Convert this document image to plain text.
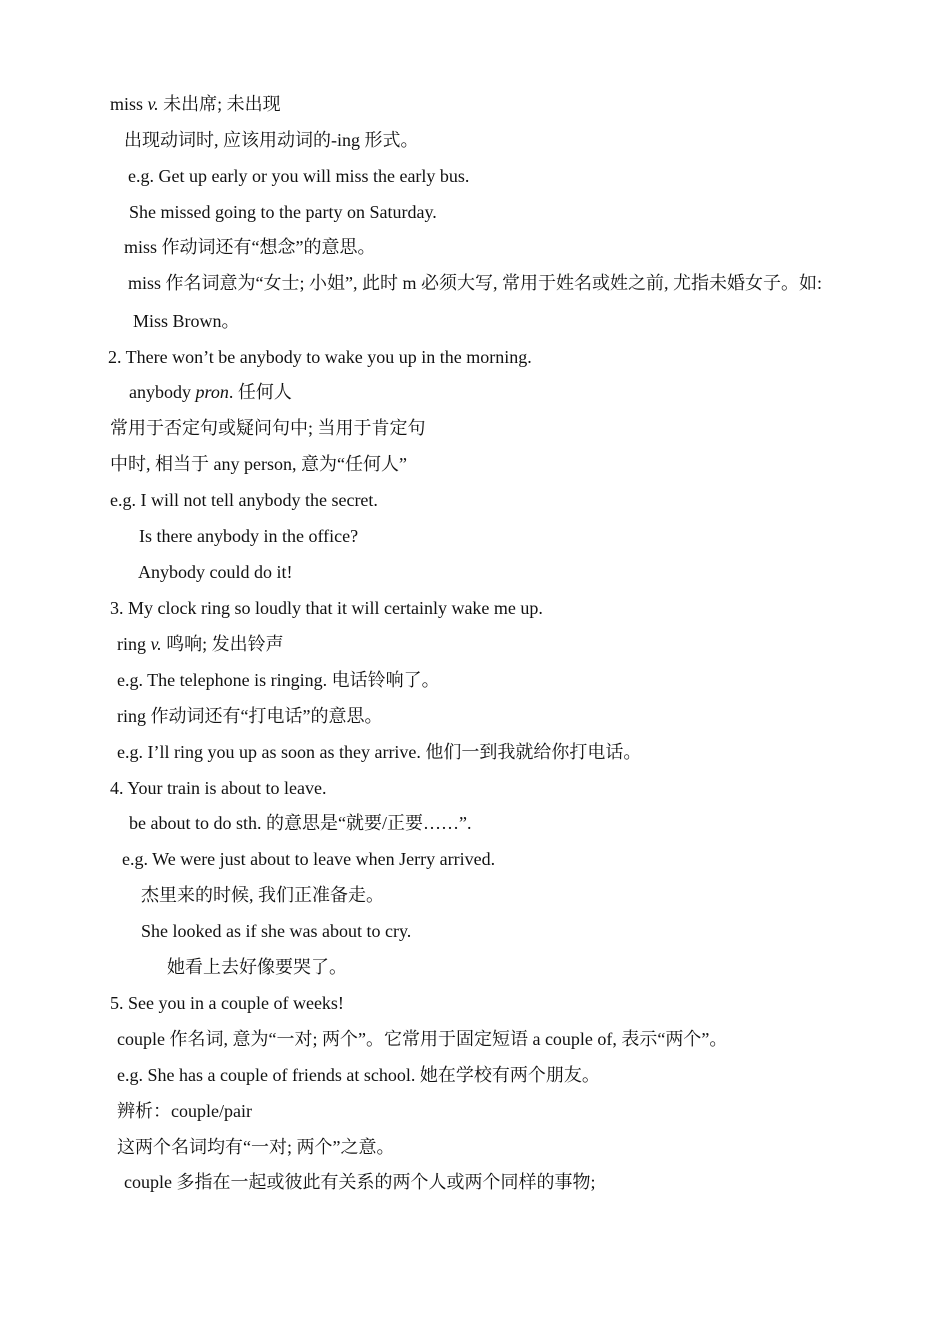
miss v. 未出席; 未出现
出现动词时, 应该用动词的-ing 形式。
e.g. Get up early or you will miss the early bus.
She missed going to the party on Saturday.
miss 作动词还有“想念”的意思。
miss 作名词意为“女士; 小姐”, 此时 m 必须大写, 常用于姓名或姓之前, 尤指未婚女子。如:
Miss Brown。
2. There won’t be anybody to wake you up in the morning.
anybody pron. 任何人
常用于否定句或疑问句中; 当用于肯定句
中时, 相当于 any person, 意为“任何人”
e.g. I will not tell anybody the secret.
Is there anybody in the office?
Anybody could do it!
3. My clock ring so loudly that it will certainly wake me up.
ring v. 鸣响; 发出铃声
e.g. The telephone is ringing. 电话铃响了。
ring 作动词还有“打电话”的意思。
e.g. I’ll ring you up as soon as they arrive. 他们一到我就给你打电话。
4. Your train is about to leave.
be about to do sth. 的意思是“就要/正要……”.
e.g. We were just about to leave when Jerry arrived.
杰里来的时候, 我们正准备走。
She looked as if she was about to cry.
她看上去好像要哭了。
5. See you in a couple of weeks!
couple 作名词, 意为“一对; 两个”。它常用于固定短语 a couple of, 表示“两个”。
e.g. She has a couple of friends at school. 她在学校有两个朋友。
辨析：couple/pair
这两个名词均有“一对; 两个”之意。
couple 多指在一起或彼此有关系的两个人或两个同样的事物;
